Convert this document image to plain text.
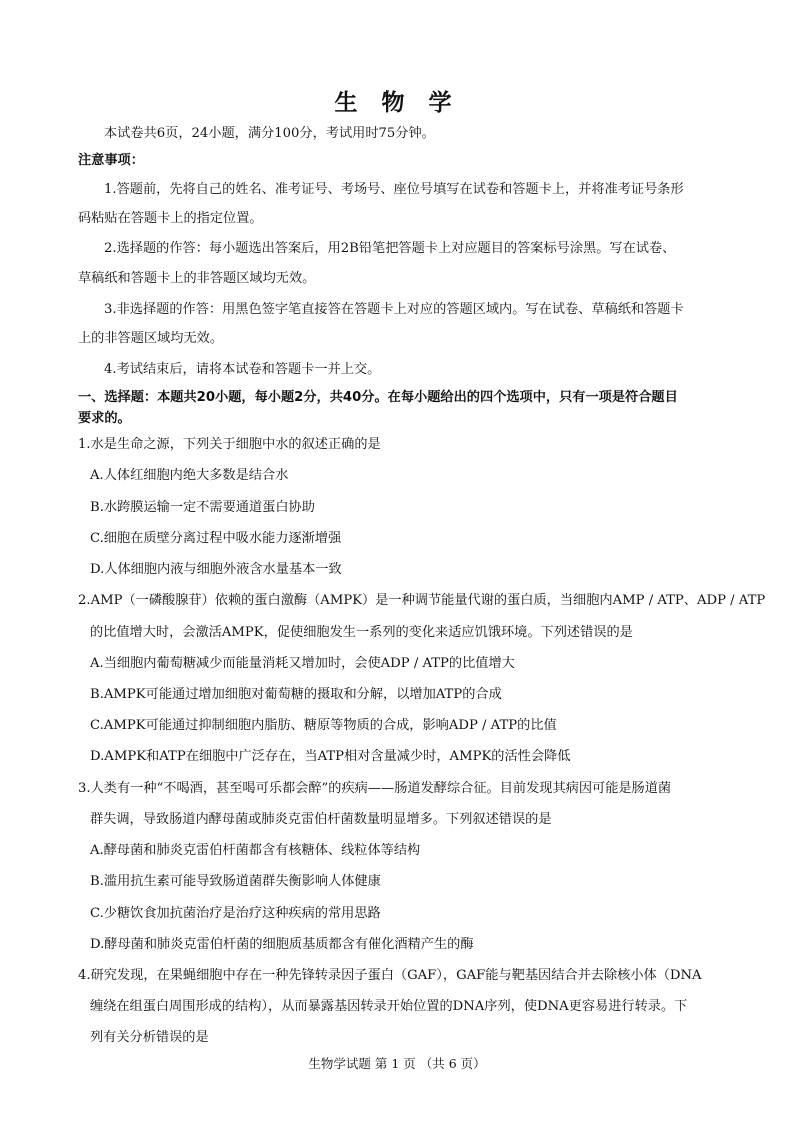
生 物 学
本试卷共6页，24小题，满分100分，考试用时75分钟。
注意事项：
1.答题前，先将自己的姓名、准考证号、考场号、座位号填写在试卷和答题卡上，并将准考证号条形
码粘贴在答题卡上的指定位置。
2.选择题的作答：每小题选出答案后，用2B铅笔把答题卡上对应题目的答案标号涂黑。写在试卷、
草稿纸和答题卡上的非答题区域均无效。
3.非选择题的作答：用黑色签字笔直接答在答题卡上对应的答题区域内。写在试卷、草稿纸和答题卡
上的非答题区域均无效。
4.考试结束后，请将本试卷和答题卡一并上交。
一、选择题：本题共20小题，每小题2分，共40分。在每小题给出的四个选项中，只有一项是符合题目
要求的。
1.水是生命之源，下列关于细胞中水的叙述正确的是
A.人体红细胞内绝大多数是结合水
B.水跨膜运输一定不需要通道蛋白协助
C.细胞在质壁分离过程中吸水能力逐渐增强
D.人体细胞内液与细胞外液含水量基本一致
2.AMP（一磷酸腺苷）依赖的蛋白激酶（AMPK）是一种调节能量代谢的蛋白质，当细胞内AMP / ATP、ADP / ATP
的比值增大时，会激活AMPK，促使细胞发生一系列的变化来适应饥饿环境。下列述错误的是
A.当细胞内葡萄糖减少而能量消耗又增加时，会使ADP / ATP的比值增大
B.AMPK可能通过增加细胞对葡萄糖的摄取和分解，以增加ATP的合成
C.AMPK可能通过抑制细胞内脂肪、糖原等物质的合成，影响ADP / ATP的比值
D.AMPK和ATP在细胞中广泛存在，当ATP相对含量减少时，AMPK的活性会降低
3.人类有一种“不喝酒，甚至喝可乐都会醉”的疾病——肠道发酵综合征。目前发现其病因可能是肠道菌
群失调，导致肠道内酵母菌或肺炎克雷伯杆菌数量明显增多。下列叙述错误的是
A.酵母菌和肺炎克雷伯杆菌都含有核糖体、线粒体等结构
B.滥用抗生素可能导致肠道菌群失衡影响人体健康
C.少糖饮食加抗菌治疗是治疗这种疾病的常用思路
D.酵母菌和肺炎克雷伯杆菌的细胞质基质都含有催化酒精产生的酶
4.研究发现，在果蝇细胞中存在一种先锋转录因子蛋白（GAF），GAF能与靶基因结合并去除核小体（DNA
缠绕在组蛋白周围形成的结构），从而暴露基因转录开始位置的DNA序列，使DNA更容易进行转录。下
列有关分析错误的是
生物学试题 第 1 页 （共 6 页）
